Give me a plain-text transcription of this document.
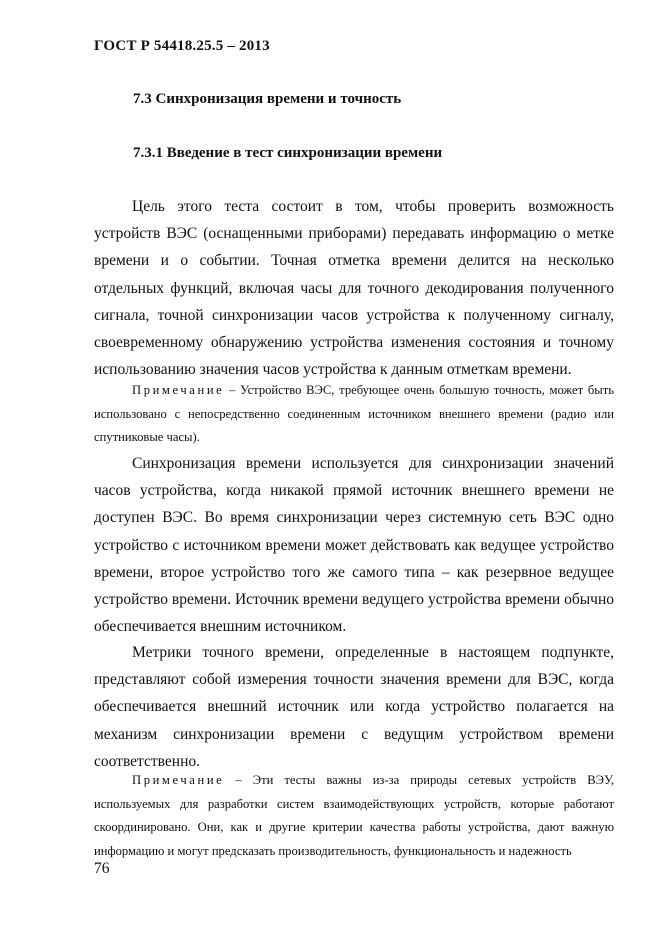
ГОСТ Р 54418.25.5 – 2013
7.3 Синхронизация времени и точность
7.3.1 Введение в тест синхронизации времени

Цель этого теста состоит в том, чтобы проверить возможность устройств ВЭС (оснащенными приборами) передавать информацию о метке времени и о событии. Точная отметка времени делится на несколько отдельных функций, включая часы для точного декодирования полученного сигнала, точной синхронизации часов устройства к полученному сигналу, своевременному обнаружению устройства изменения состояния и точному использованию значения часов устройства к данным отметкам времени.

Примечание – Устройство ВЭС, требующее очень большую точность, может быть использовано с непосредственно соединенным источником внешнего времени (радио или спутниковые часы).

Синхронизация времени используется для синхронизации значений часов устройства, когда никакой прямой источник внешнего времени не доступен ВЭС. Во время синхронизации через системную сеть ВЭС одно устройство с источником времени может действовать как ведущее устройство времени, второе устройство того же самого типа – как резервное ведущее устройство времени. Источник времени ведущего устройства времени обычно обеспечивается внешним источником.

Метрики точного времени, определенные в настоящем подпункте, представляют собой измерения точности значения времени для ВЭС, когда обеспечивается внешний источник или когда устройство полагается на механизм синхронизации времени с ведущим устройством времени соответственно.

Примечание – Эти тесты важны из-за природы сетевых устройств ВЭУ, используемых для разработки систем взаимодействующих устройств, которые работают скоординировано. Они, как и другие критерии качества работы устройства, дают важную информацию и могут предсказать производительность, функциональность и надежность

76
